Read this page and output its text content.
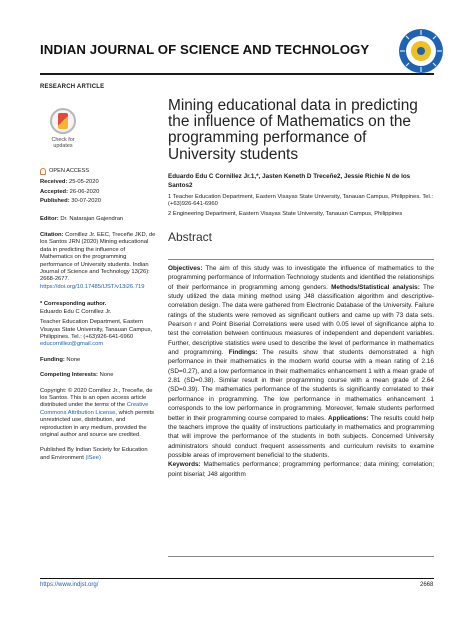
INDIAN JOURNAL OF SCIENCE AND TECHNOLOGY
RESEARCH ARTICLE
Check for updates
OPEN ACCESS
Received: 25-05-2020
Accepted: 26-06-2020
Published: 30-07-2020
Editor: Dr. Natarajan Gajendran
Citation: Cornillez Jr. EEC, Treceñe JKD, de los Santos JRN (2020) Mining educational data in predicting the influence of Mathematics on the programming performance of University students. Indian Journal of Science and Technology 13(26): 2668-2677. https://doi.org/10.17485/IJST/v13i26.719
* Corresponding author.
Eduardo Edu C Cornillez Jr.
Teacher Education Department, Eastern Visayas State University, Tanauan Campus, Philippines. Tel.: (+63)926-641-6960
educornillez@gmail.com
Funding: None
Competing Interests: None
Copyright: © 2020 Cornillez Jr., Treceñe, de los Santos. This is an open access article distributed under the terms of the Creative Commons Attribution License, which permits unrestricted use, distribution, and reproduction in any medium, provided the original author and source are credited.
Published By Indian Society for Education and Environment (iSee)
Mining educational data in predicting the influence of Mathematics on the programming performance of University students
Eduardo Edu C Cornillez Jr.1,*, Jasten Keneth D Treceñe2, Jessie Richie N de los Santos2
1 Teacher Education Department, Eastern Visayas State University, Tanauan Campus, Philippines. Tel.: (+63)926-641-6960
2 Engineering Department, Eastern Visayas State University, Tanauan Campus, Philippines
Abstract

Objectives: The aim of this study was to investigate the influence of mathematics to the programming performance of Information Technology students and identified the relationships of their performance in programming among genders. Methods/Statistical analysis: The study utilized the data mining method using J48 classification algorithm and descriptive-correlation design. The data were gathered from Electronic Database of the University. Failure ratings of the students were removed as significant outliers and came up with 73 data sets. Pearson r and Point Biserial Correlations were used with 0.05 level of significance alpha to test the correlation between continuous measures of independent and dependent variables. Further, descriptive statistics were used to describe the level of performance in mathematics and programming. Findings: The results show that students demonstrated a high performance in their mathematics in the modern world course with a mean rating of 2.16 (SD=0.27), and a low performance in their mathematics enhancement 1 with a mean grade of 2.81 (SD=0.38). Similar result in their programming course with a mean grade of 2.64 (SD=0.39). The mathematics performance of the students is significantly correlated to their performance in programming. The low performance in mathematics enhancement 1 corresponds to the low performance in programming. Moreover, female students performed better in their programming course compared to males. Applications: The results could help the teachers improve the quality of instructions particularly in mathematics and programming that will improve the performance of the students in both subjects. Concerned University administrators should conduct frequent assessments and curriculum revisits to examine possible areas of improvement beneficial to the students.

Keywords: Mathematics performance; programming performance; data mining; correlation; point biserial; J48 algorithm

https://www.indjst.org/	2668
